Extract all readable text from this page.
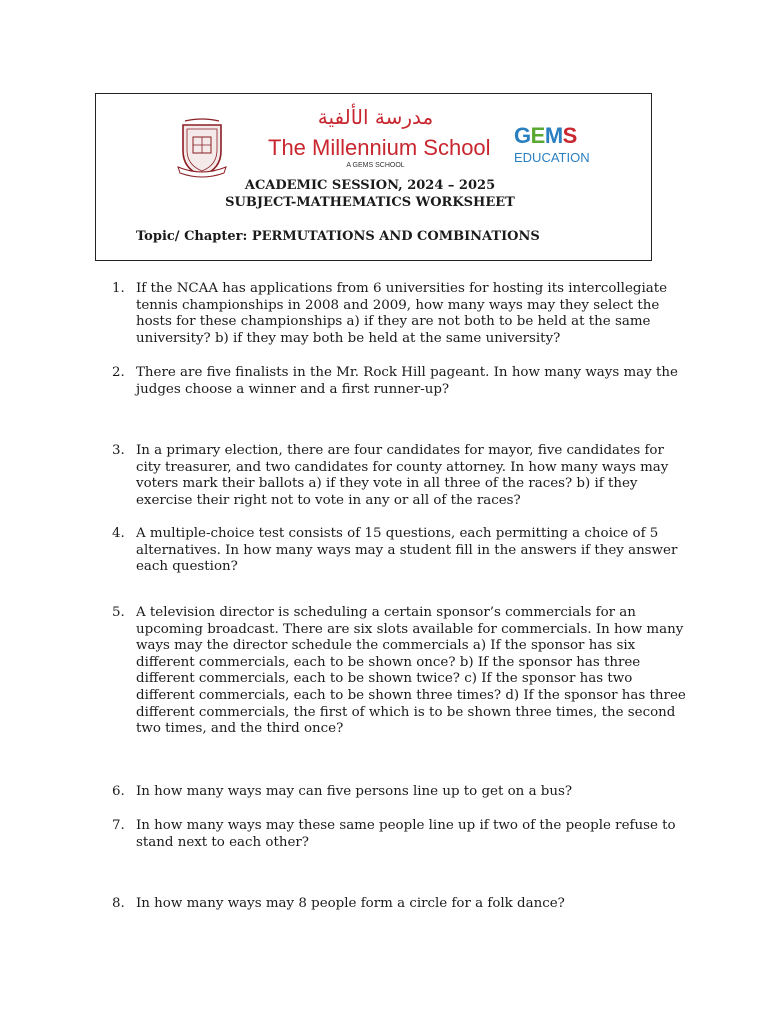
مدرسة الألفية
The Millennium School
A GEMS SCHOOL
GEMS
EDUCATION
ACADEMIC SESSION, 2024 – 2025
SUBJECT-MATHEMATICS WORKSHEET
Topic/ Chapter: PERMUTATIONS AND COMBINATIONS
1. If the NCAA has applications from 6 universities for hosting its intercollegiate tennis championships in 2008 and 2009, how many ways may they select the hosts for these championships a) if they are not both to be held at the same university? b) if they may both be held at the same university?
2. There are five finalists in the Mr. Rock Hill pageant. In how many ways may the judges choose a winner and a first runner-up?
3. In a primary election, there are four candidates for mayor, five candidates for city treasurer, and two candidates for county attorney. In how many ways may voters mark their ballots a) if they vote in all three of the races? b) if they exercise their right not to vote in any or all of the races?
4. A multiple-choice test consists of 15 questions, each permitting a choice of 5 alternatives. In how many ways may a student fill in the answers if they answer each question?
5. A television director is scheduling a certain sponsor’s commercials for an upcoming broadcast. There are six slots available for commercials. In how many ways may the director schedule the commercials a) If the sponsor has six different commercials, each to be shown once? b) If the sponsor has three different commercials, each to be shown twice? c) If the sponsor has two different commercials, each to be shown three times? d) If the sponsor has three different commercials, the first of which is to be shown three times, the second two times, and the third once?
6. In how many ways may can five persons line up to get on a bus?
7. In how many ways may these same people line up if two of the people refuse to stand next to each other?
8. In how many ways may 8 people form a circle for a folk dance?
